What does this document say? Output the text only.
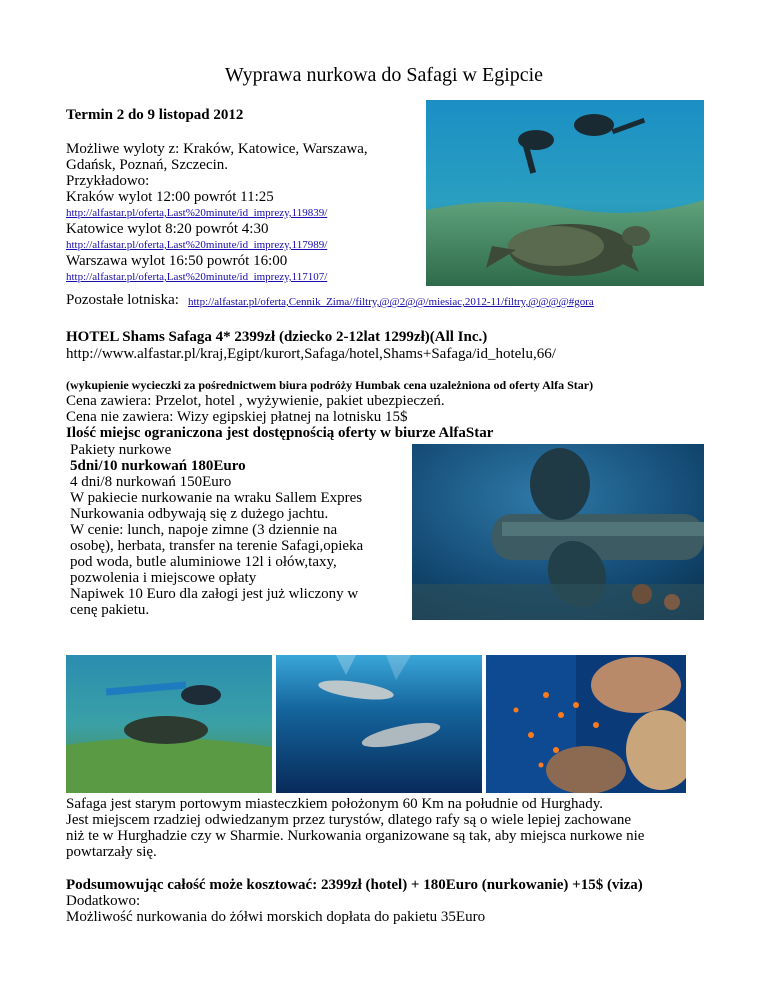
Wyprawa nurkowa do Safagi w Egipcie
Termin 2 do 9 listopad 2012
Możliwe wyloty z: Kraków, Katowice, Warszawa,
Gdańsk, Poznań, Szczecin.
Przykładowo:
Kraków wylot 12:00 powrót 11:25
http://alfastar.pl/oferta,Last%20minute/id_imprezy,119839/
Katowice wylot 8:20 powrót 4:30
http://alfastar.pl/oferta,Last%20minute/id_imprezy,117989/
Warszawa wylot 16:50 powrót 16:00
http://alfastar.pl/oferta,Last%20minute/id_imprezy,117107/
Pozostałe lotniska: http://alfastar.pl/oferta,Cennik_Zima//filtry,@@2@@/miesiac,2012-11/filtry,@@@@#gora
HOTEL Shams Safaga 4* 2399zł (dziecko 2-12lat 1299zł)(All Inc.)
http://www.alfastar.pl/kraj,Egipt/kurort,Safaga/hotel,Shams+Safaga/id_hotelu,66/
(wykupienie wycieczki za pośrednictwem biura podróży Humbak cena uzależniona od oferty Alfa Star)
Cena zawiera: Przelot, hotel , wyżywienie, pakiet ubezpieczeń.
Cena nie zawiera: Wizy egipskiej płatnej na lotnisku 15$
Ilość miejsc ograniczona jest dostępnością oferty w biurze AlfaStar
Pakiety nurkowe
5dni/10 nurkowań 180Euro
4 dni/8 nurkowań 150Euro
W pakiecie nurkowanie na wraku Sallem Expres
Nurkowania odbywają się z dużego jachtu.
W cenie: lunch, napoje zimne (3 dziennie na
osobę), herbata, transfer na terenie Safagi,opieka
pod woda, butle aluminiowe 12l i ołów,taxy,
pozwolenia i miejscowe opłaty
Napiwek 10 Euro dla załogi jest już wliczony w
cenę pakietu.
Safaga jest starym portowym miasteczkiem położonym 60 Km na południe od Hurghady.
Jest miejscem rzadziej odwiedzanym przez turystów, dlatego rafy są o wiele lepiej zachowane
niż te w Hurghadzie czy w Sharmie. Nurkowania organizowane są tak, aby miejsca nurkowe nie
powtarzały się.
Podsumowując całość może kosztować: 2399zł (hotel) + 180Euro (nurkowanie) +15$ (viza)
Dodatkowo:
Możliwość nurkowania do żółwi morskich dopłata do pakietu 35Euro
